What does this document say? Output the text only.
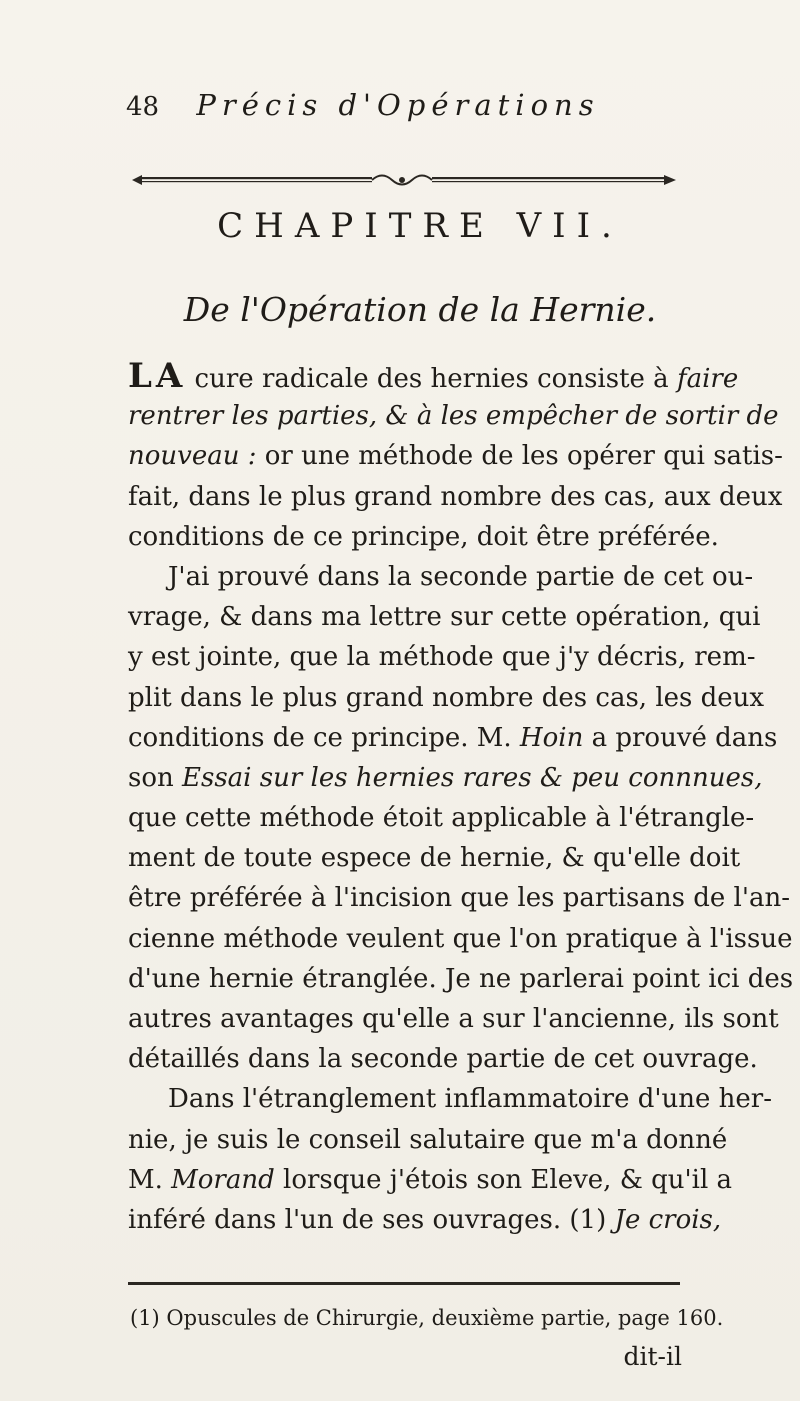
48 Précis d'Opérations
CHAPITRE VII.
De l'Opération de la Hernie.
LA cure radicale des hernies consiste à faire
rentrer les parties, & à les empêcher de sortir de
nouveau : or une méthode de les opérer qui satis-
fait, dans le plus grand nombre des cas, aux deux
conditions de ce principe, doit être préférée.
J'ai prouvé dans la seconde partie de cet ou-
vrage, & dans ma lettre sur cette opération, qui
y est jointe, que la méthode que j'y décris, rem-
plit dans le plus grand nombre des cas, les deux
conditions de ce principe. M. Hoin a prouvé dans
son Essai sur les hernies rares & peu connnues,
que cette méthode étoit applicable à l'étrangle-
ment de toute espece de hernie, & qu'elle doit
être préférée à l'incision que les partisans de l'an-
cienne méthode veulent que l'on pratique à l'issue
d'une hernie étranglée. Je ne parlerai point ici des
autres avantages qu'elle a sur l'ancienne, ils sont
détaillés dans la seconde partie de cet ouvrage.
Dans l'étranglement inflammatoire d'une her-
nie, je suis le conseil salutaire que m'a donné
M. Morand lorsque j'étois son Eleve, & qu'il a
inféré dans l'un de ses ouvrages. (1) Je crois,
(1) Opuscules de Chirurgie, deuxième partie, page 160.
dit-il
